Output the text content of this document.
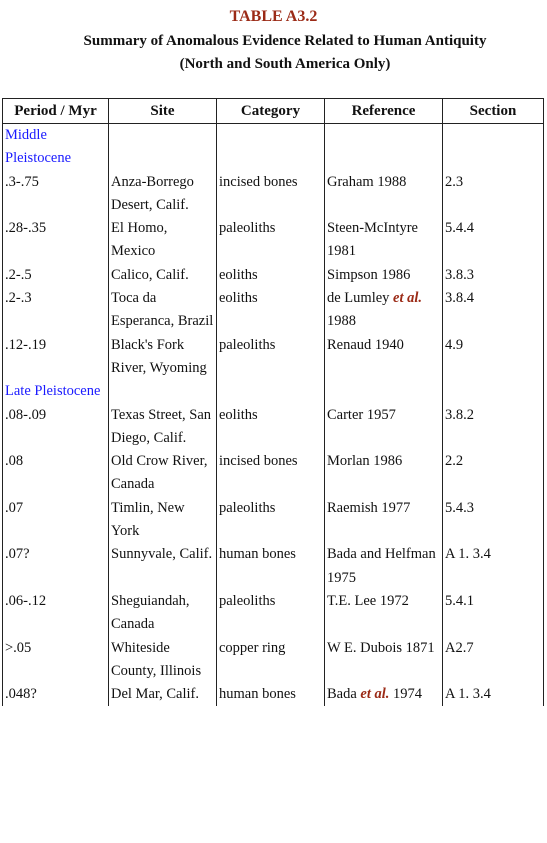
TABLE A3.2
Summary of Anomalous Evidence Related to Human Antiquity
(North and South America Only)
Period / Myr	Site	Category	Reference	Section
Middle Pleistocene				
.3-.75	Anza-Borrego Desert, Calif.	incised bones	Graham 1988	2.3
.28-.35	El Homo, Mexico	paleoliths	Steen-McIntyre 1981	5.4.4
.2-.5	Calico, Calif.	eoliths	Simpson 1986	3.8.3
.2-.3	Toca da Esperanca, Brazil	eoliths	de Lumley et al. 1988	3.8.4
.12-.19	Black's Fork River, Wyoming	paleoliths	Renaud 1940	4.9
Late Pleistocene				
.08-.09	Texas Street, San Diego, Calif.	eoliths	Carter 1957	3.8.2
.08	Old Crow River, Canada	incised bones	Morlan 1986	2.2
.07	Timlin, New York	paleoliths	Raemish 1977	5.4.3
.07?	Sunnyvale, Calif.	human bones	Bada and Helfman 1975	A 1. 3.4
.06-.12	Sheguiandah, Canada	paleoliths	T.E. Lee 1972	5.4.1
>.05	Whiteside County, Illinois	copper ring	W E. Dubois 1871	A2.7
.048?	Del Mar, Calif.	human bones	Bada et al. 1974	A 1. 3.4
